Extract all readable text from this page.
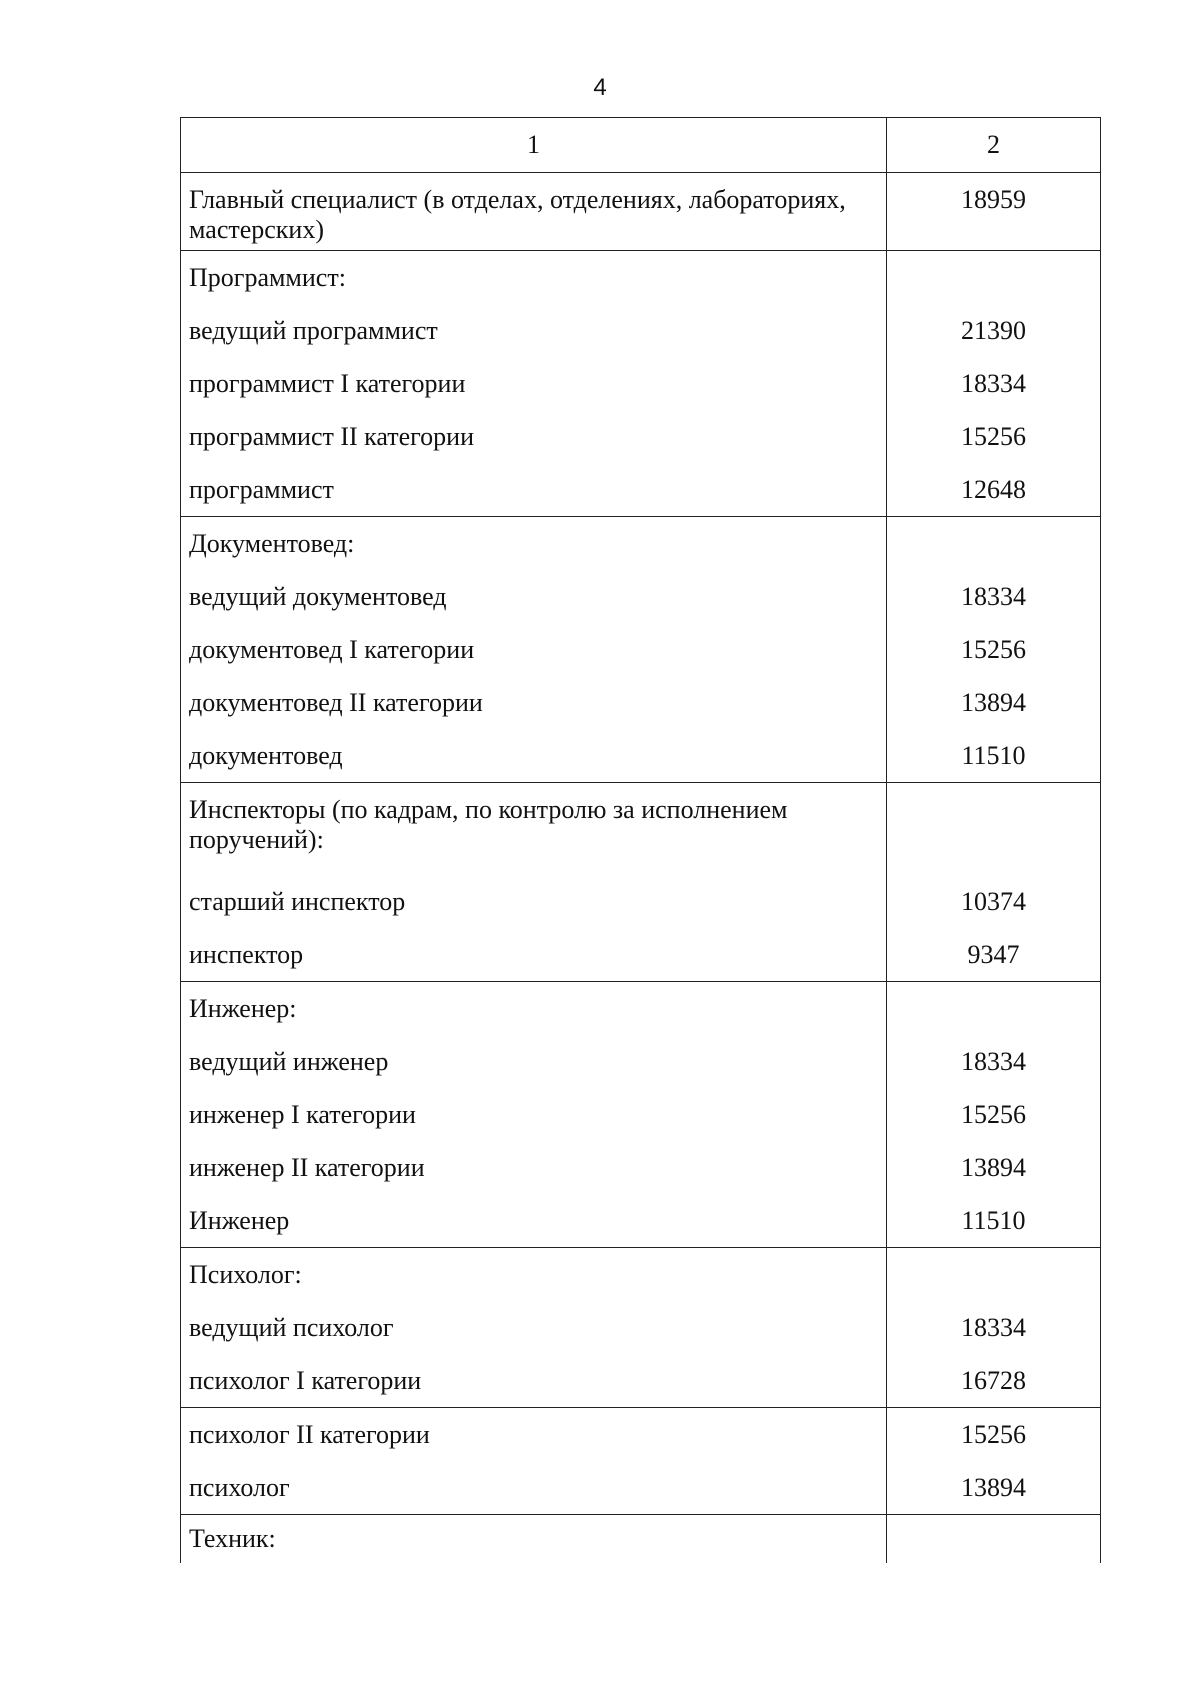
4
1	2
Главный специалист (в отделах, отделениях, лабораториях, мастерских)	18959
Программист:	
ведущий программист	21390
программист I категории	18334
программист II категории	15256
программист	12648
Документовед:	
ведущий документовед	18334
документовед I категории	15256
документовед II категории	13894
документовед	11510
Инспекторы (по кадрам, по контролю за исполнением поручений):	
старший инспектор	10374
инспектор	9347
Инженер:	
ведущий инженер	18334
инженер I категории	15256
инженер II категории	13894
Инженер	11510
Психолог:	
ведущий психолог	18334
психолог I категории	16728
психолог II категории	15256
психолог	13894
Техник:	
